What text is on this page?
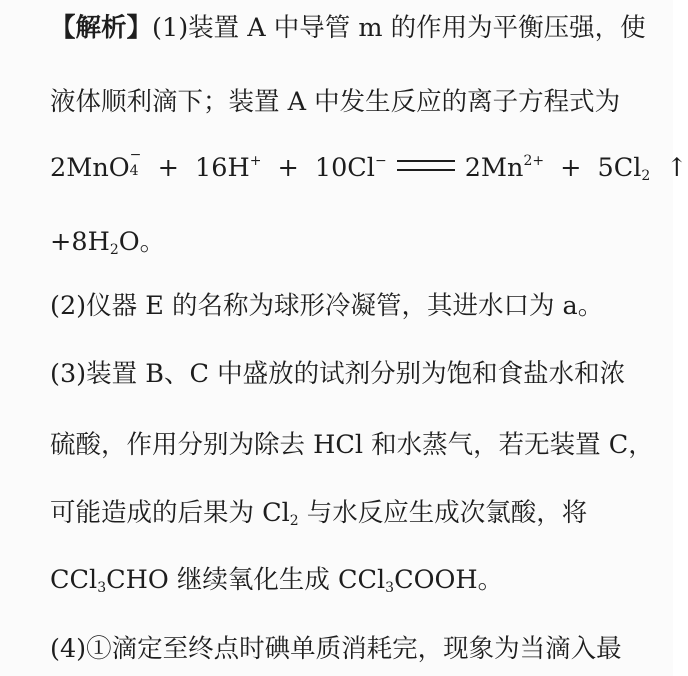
【解析】(1)装置 A 中导管 m 的作用为平衡压强，使
液体顺利滴下；装置 A 中发生反应的离子方程式为
2MnO −
4 + 16H+ + 10Cl−	$2Mn^{2+} + 5Cl_2$ ↑
$+8H_2O$。
(2)仪器 E 的名称为球形冷凝管，其进水口为 a。
(3)装置 B、C 中盛放的试剂分别为饱和食盐水和浓
硫酸，作用分别为除去 HCl 和水蒸气，若无装置 C，
可能造成的后果为 $Cl_2$ 与水反应生成次氯酸，将
CCl$_3$CHO 继续氧化生成 CCl$_3$COOH。
(4)①滴定至终点时碘单质消耗完，现象为当滴入最
